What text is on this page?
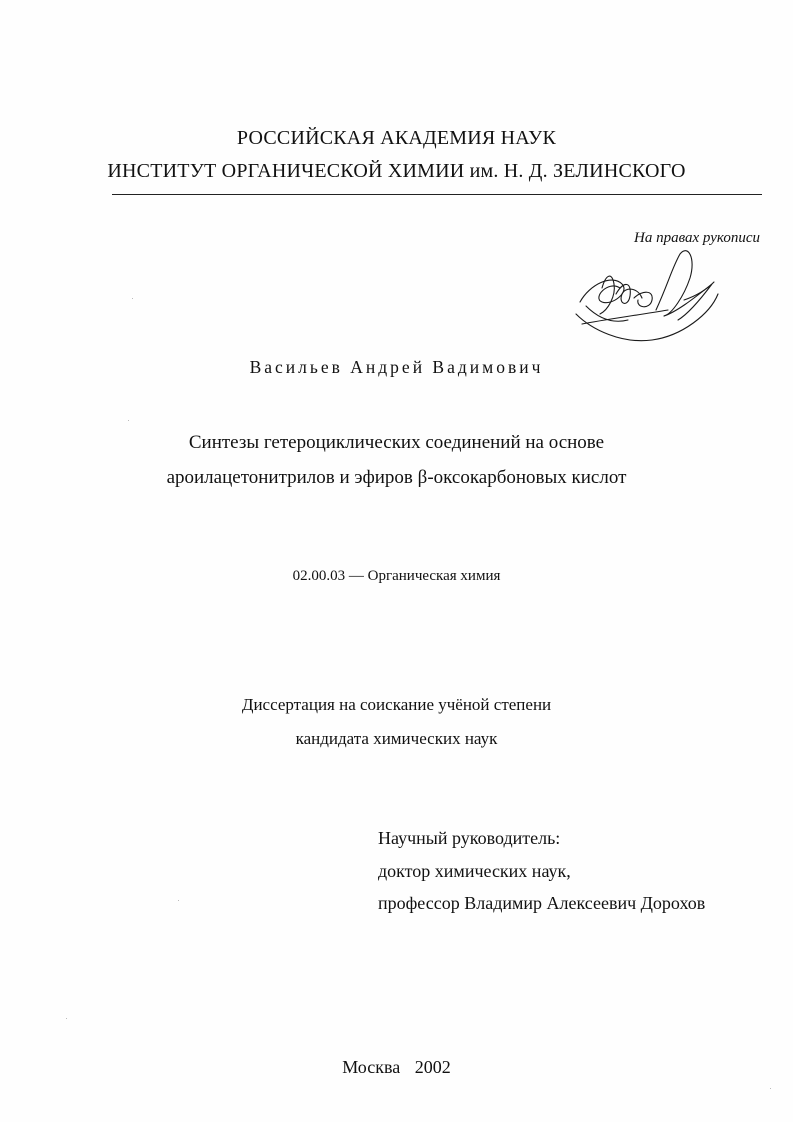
РОССИЙСКАЯ АКАДЕМИЯ НАУК
ИНСТИТУТ ОРГАНИЧЕСКОЙ ХИМИИ им. Н. Д. ЗЕЛИНСКОГО
На правах рукописи
Васильев Андрей Вадимович
Синтезы гетероциклических соединений на основе
ароилацетонитрилов и эфиров β-оксокарбоновых кислот
02.00.03 — Органическая химия
Диссертация на соискание учёной степени
кандидата химических наук
Научный руководитель:
доктор химических наук,
профессор Владимир Алексеевич Дорохов
Москва 2002
